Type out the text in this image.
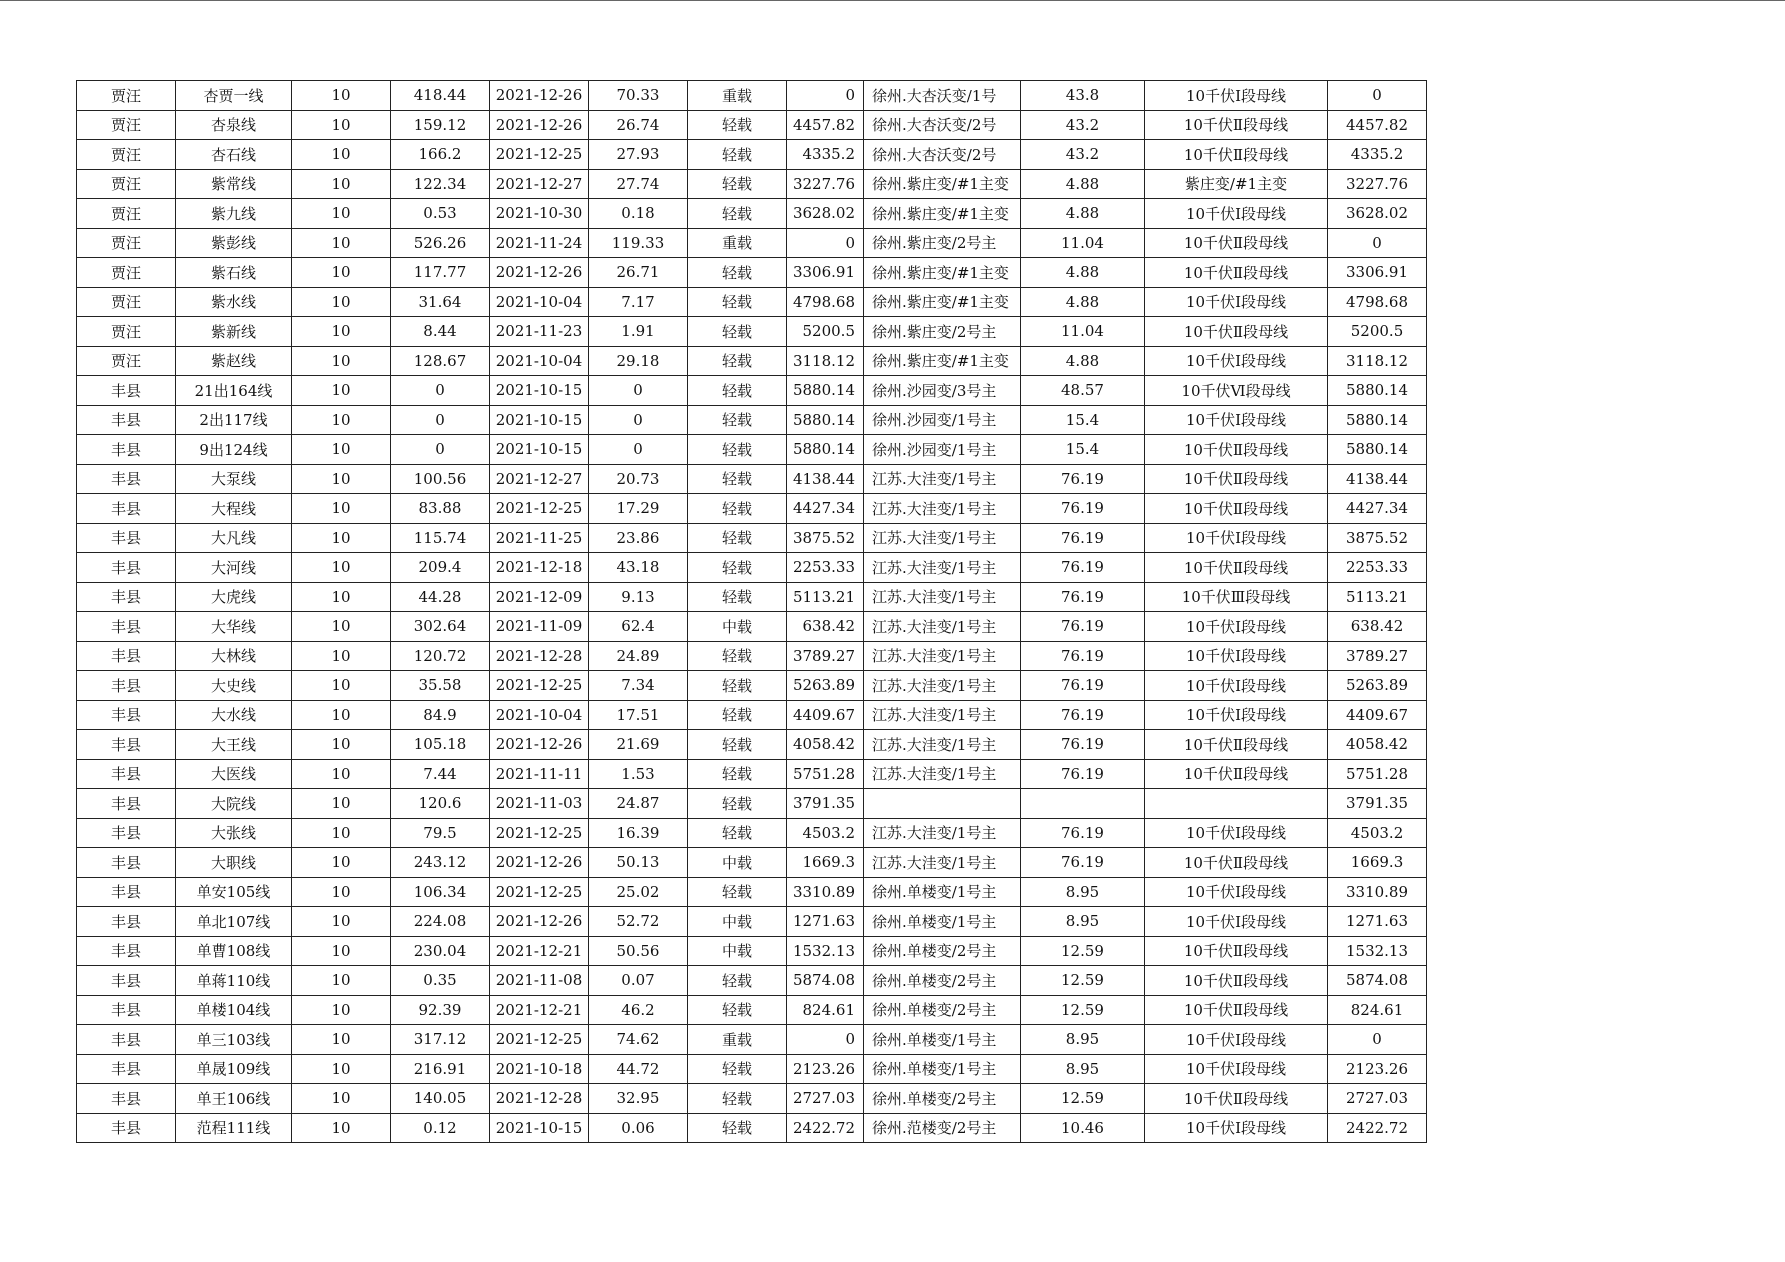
贾汪	杏贾一线	10	418.44	2021-12-26	70.33	重载	0	徐州.大杏沃变/1号	43.8	10千伏Ⅰ段母线	0
贾汪	杏泉线	10	159.12	2021-12-26	26.74	轻载	4457.82	徐州.大杏沃变/2号	43.2	10千伏Ⅱ段母线	4457.82
贾汪	杏石线	10	166.2	2021-12-25	27.93	轻载	4335.2	徐州.大杏沃变/2号	43.2	10千伏Ⅱ段母线	4335.2
贾汪	紫常线	10	122.34	2021-12-27	27.74	轻载	3227.76	徐州.紫庄变/#1主变	4.88	紫庄变/#1主变	3227.76
贾汪	紫九线	10	0.53	2021-10-30	0.18	轻载	3628.02	徐州.紫庄变/#1主变	4.88	10千伏Ⅰ段母线	3628.02
贾汪	紫彭线	10	526.26	2021-11-24	119.33	重载	0	徐州.紫庄变/2号主	11.04	10千伏Ⅱ段母线	0
贾汪	紫石线	10	117.77	2021-12-26	26.71	轻载	3306.91	徐州.紫庄变/#1主变	4.88	10千伏Ⅱ段母线	3306.91
贾汪	紫水线	10	31.64	2021-10-04	7.17	轻载	4798.68	徐州.紫庄变/#1主变	4.88	10千伏Ⅰ段母线	4798.68
贾汪	紫新线	10	8.44	2021-11-23	1.91	轻载	5200.5	徐州.紫庄变/2号主	11.04	10千伏Ⅱ段母线	5200.5
贾汪	紫赵线	10	128.67	2021-10-04	29.18	轻载	3118.12	徐州.紫庄变/#1主变	4.88	10千伏Ⅰ段母线	3118.12
丰县	21出164线	10	0	2021-10-15	0	轻载	5880.14	徐州.沙园变/3号主	48.57	10千伏Ⅵ段母线	5880.14
丰县	2出117线	10	0	2021-10-15	0	轻载	5880.14	徐州.沙园变/1号主	15.4	10千伏Ⅰ段母线	5880.14
丰县	9出124线	10	0	2021-10-15	0	轻载	5880.14	徐州.沙园变/1号主	15.4	10千伏Ⅱ段母线	5880.14
丰县	大泵线	10	100.56	2021-12-27	20.73	轻载	4138.44	江苏.大洼变/1号主	76.19	10千伏Ⅱ段母线	4138.44
丰县	大程线	10	83.88	2021-12-25	17.29	轻载	4427.34	江苏.大洼变/1号主	76.19	10千伏Ⅱ段母线	4427.34
丰县	大凡线	10	115.74	2021-11-25	23.86	轻载	3875.52	江苏.大洼变/1号主	76.19	10千伏Ⅰ段母线	3875.52
丰县	大河线	10	209.4	2021-12-18	43.18	轻载	2253.33	江苏.大洼变/1号主	76.19	10千伏Ⅱ段母线	2253.33
丰县	大虎线	10	44.28	2021-12-09	9.13	轻载	5113.21	江苏.大洼变/1号主	76.19	10千伏Ⅲ段母线	5113.21
丰县	大华线	10	302.64	2021-11-09	62.4	中载	638.42	江苏.大洼变/1号主	76.19	10千伏Ⅰ段母线	638.42
丰县	大林线	10	120.72	2021-12-28	24.89	轻载	3789.27	江苏.大洼变/1号主	76.19	10千伏Ⅰ段母线	3789.27
丰县	大史线	10	35.58	2021-12-25	7.34	轻载	5263.89	江苏.大洼变/1号主	76.19	10千伏Ⅰ段母线	5263.89
丰县	大水线	10	84.9	2021-10-04	17.51	轻载	4409.67	江苏.大洼变/1号主	76.19	10千伏Ⅰ段母线	4409.67
丰县	大王线	10	105.18	2021-12-26	21.69	轻载	4058.42	江苏.大洼变/1号主	76.19	10千伏Ⅱ段母线	4058.42
丰县	大医线	10	7.44	2021-11-11	1.53	轻载	5751.28	江苏.大洼变/1号主	76.19	10千伏Ⅱ段母线	5751.28
丰县	大院线	10	120.6	2021-11-03	24.87	轻载	3791.35				3791.35
丰县	大张线	10	79.5	2021-12-25	16.39	轻载	4503.2	江苏.大洼变/1号主	76.19	10千伏Ⅰ段母线	4503.2
丰县	大职线	10	243.12	2021-12-26	50.13	中载	1669.3	江苏.大洼变/1号主	76.19	10千伏Ⅱ段母线	1669.3
丰县	单安105线	10	106.34	2021-12-25	25.02	轻载	3310.89	徐州.单楼变/1号主	8.95	10千伏Ⅰ段母线	3310.89
丰县	单北107线	10	224.08	2021-12-26	52.72	中载	1271.63	徐州.单楼变/1号主	8.95	10千伏Ⅰ段母线	1271.63
丰县	单曹108线	10	230.04	2021-12-21	50.56	中载	1532.13	徐州.单楼变/2号主	12.59	10千伏Ⅱ段母线	1532.13
丰县	单蒋110线	10	0.35	2021-11-08	0.07	轻载	5874.08	徐州.单楼变/2号主	12.59	10千伏Ⅱ段母线	5874.08
丰县	单楼104线	10	92.39	2021-12-21	46.2	轻载	824.61	徐州.单楼变/2号主	12.59	10千伏Ⅱ段母线	824.61
丰县	单三103线	10	317.12	2021-12-25	74.62	重载	0	徐州.单楼变/1号主	8.95	10千伏Ⅰ段母线	0
丰县	单晟109线	10	216.91	2021-10-18	44.72	轻载	2123.26	徐州.单楼变/1号主	8.95	10千伏Ⅰ段母线	2123.26
丰县	单王106线	10	140.05	2021-12-28	32.95	轻载	2727.03	徐州.单楼变/2号主	12.59	10千伏Ⅱ段母线	2727.03
丰县	范程111线	10	0.12	2021-10-15	0.06	轻载	2422.72	徐州.范楼变/2号主	10.46	10千伏Ⅰ段母线	2422.72
